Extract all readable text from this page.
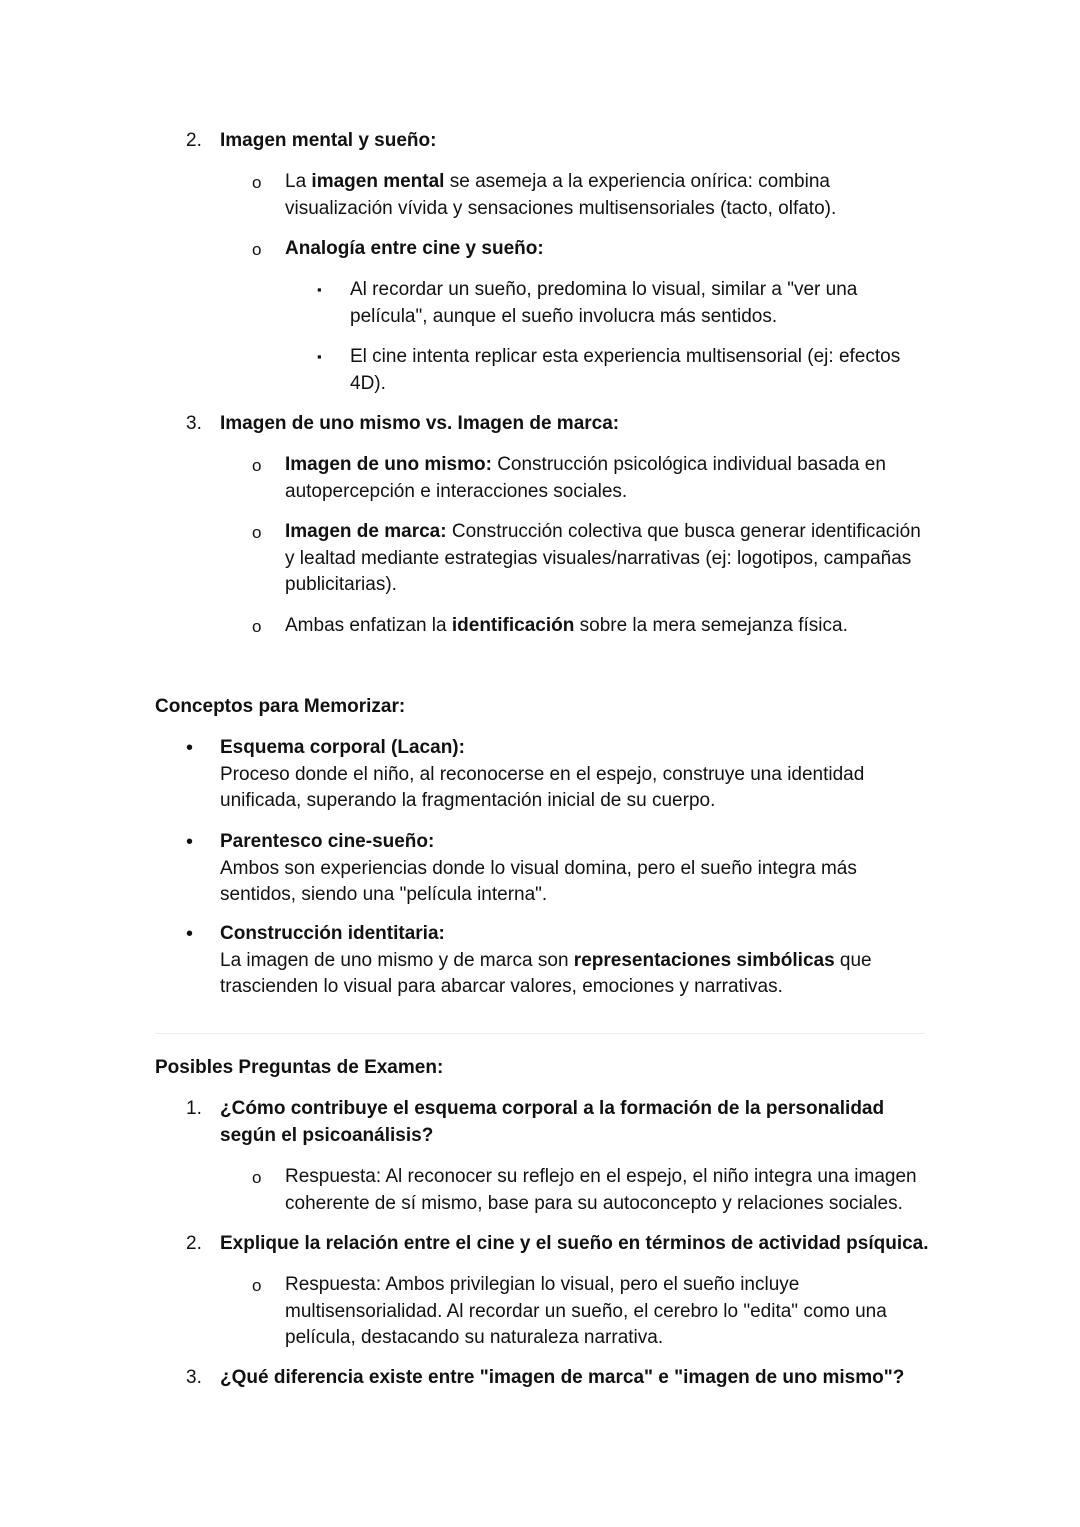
2. Imagen mental y sueño:
o	La imagen mental se asemeja a la experiencia onírica: combina visualización vívida y sensaciones multisensoriales (tacto, olfato).
o	Analogía entre cine y sueño:
▪	Al recordar un sueño, predomina lo visual, similar a "ver una película", aunque el sueño involucra más sentidos.
▪	El cine intenta replicar esta experiencia multisensorial (ej: efectos 4D).
3. Imagen de uno mismo vs. Imagen de marca:
o	Imagen de uno mismo: Construcción psicológica individual basada en autopercepción e interacciones sociales.
o	Imagen de marca: Construcción colectiva que busca generar identificación y lealtad mediante estrategias visuales/narrativas (ej: logotipos, campañas publicitarias).
o	Ambas enfatizan la identificación sobre la mera semejanza física.
Conceptos para Memorizar:
•	Esquema corporal (Lacan):
Proceso donde el niño, al reconocerse en el espejo, construye una identidad unificada, superando la fragmentación inicial de su cuerpo.
•	Parentesco cine-sueño:
Ambos son experiencias donde lo visual domina, pero el sueño integra más sentidos, siendo una "película interna".
•	Construcción identitaria:
La imagen de uno mismo y de marca son representaciones simbólicas que trascienden lo visual para abarcar valores, emociones y narrativas.
Posibles Preguntas de Examen:
1. ¿Cómo contribuye el esquema corporal a la formación de la personalidad según el psicoanálisis?
o	Respuesta: Al reconocer su reflejo en el espejo, el niño integra una imagen coherente de sí mismo, base para su autoconcepto y relaciones sociales.
2. Explique la relación entre el cine y el sueño en términos de actividad psíquica.
o	Respuesta: Ambos privilegian lo visual, pero el sueño incluye multisensorialidad. Al recordar un sueño, el cerebro lo "edita" como una película, destacando su naturaleza narrativa.
3. ¿Qué diferencia existe entre "imagen de marca" e "imagen de uno mismo"?
